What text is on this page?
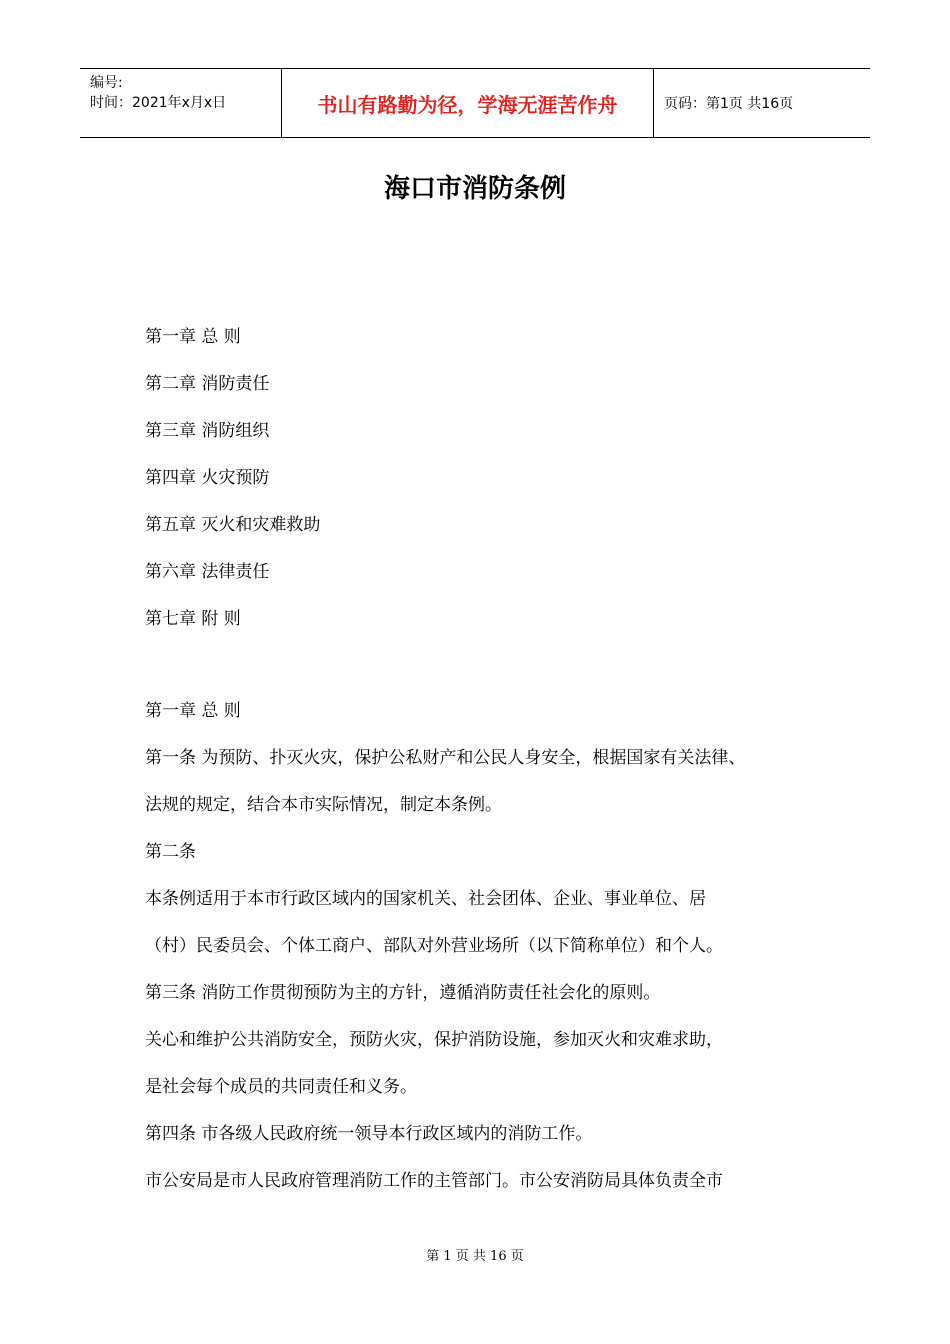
编号:
时间：2021年x月x日	书山有路勤为径，学海无涯苦作舟	页码：第1页 共16页
海口市消防条例
第一章 总 则
第二章 消防责任
第三章 消防组织
第四章 火灾预防
第五章 灭火和灾难救助
第六章 法律责任
第七章 附 则
第一章 总 则
第一条 为预防、扑灭火灾，保护公私财产和公民人身安全，根据国家有关法律、
法规的规定，结合本市实际情况，制定本条例。
第二条
本条例适用于本市行政区域内的国家机关、社会团体、企业、事业单位、居
（村）民委员会、个体工商户、部队对外营业场所（以下简称单位）和个人。
第三条 消防工作贯彻预防为主的方针，遵循消防责任社会化的原则。
关心和维护公共消防安全，预防火灾，保护消防设施，参加灭火和灾难求助，
是社会每个成员的共同责任和义务。
第四条 市各级人民政府统一领导本行政区域内的消防工作。
市公安局是市人民政府管理消防工作的主管部门。市公安消防局具体负责全市
第 1 页 共 16 页
